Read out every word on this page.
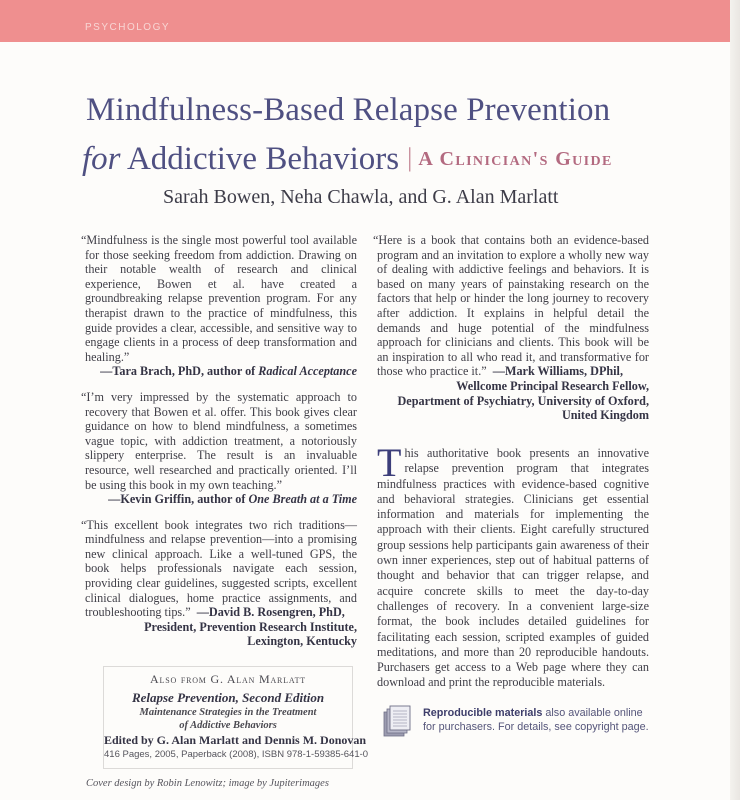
PSYCHOLOGY
Mindfulness-Based Relapse Prevention
for Addictive Behaviors | A Clinician's Guide
Sarah Bowen, Neha Chawla, and G. Alan Marlatt

“Mindfulness is the single most powerful tool available for those seeking freedom from addiction. Drawing on their notable wealth of research and clinical experience, Bowen et al. have created a groundbreaking relapse prevention program. For any therapist drawn to the practice of mindfulness, this guide provides a clear, accessible, and sensitive way to engage clients in a process of deep transformation and healing.”

—Tara Brach, PhD, author of Radical Acceptance

“I’m very impressed by the systematic approach to recovery that Bowen et al. offer. This book gives clear guidance on how to blend mindfulness, a sometimes vague topic, with addiction treatment, a notoriously slippery enterprise. The result is an invaluable resource, well researched and practically oriented. I’ll be using this book in my own teaching.”

—Kevin Griffin, author of One Breath at a Time

“This excellent book integrates two rich traditions—mindfulness and relapse prevention—into a promising new clinical approach. Like a well-tuned GPS, the book helps professionals navigate each session, providing clear guidelines, suggested scripts, excellent clinical dialogues, home practice assignments, and troubleshooting tips.” —David B. Rosengren, PhD,

President, Prevention Research Institute,

Lexington, Kentucky

“Here is a book that contains both an evidence-based program and an invitation to explore a wholly new way of dealing with addictive feelings and behaviors. It is based on many years of painstaking research on the factors that help or hinder the long journey to recovery after addiction. It explains in helpful detail the demands and huge potential of the mindfulness approach for clinicians and clients. This book will be an inspiration to all who read it, and transformative for those who practice it.” —Mark Williams, DPhil,

Wellcome Principal Research Fellow,

Department of Psychiatry, University of Oxford,

United Kingdom

This authoritative book presents an innovative relapse prevention program that integrates mindfulness practices with evidence-based cognitive and behavioral strategies. Clinicians get essential information and materials for implementing the approach with their clients. Eight carefully structured group sessions help participants gain awareness of their own inner experiences, step out of habitual patterns of thought and behavior that can trigger relapse, and acquire concrete skills to meet the day-to-day challenges of recovery. In a convenient large-size format, the book includes detailed guidelines for facilitating each session, scripted examples of guided meditations, and more than 20 reproducible handouts. Purchasers get access to a Web page where they can download and print the reproducible materials.
Also from G. Alan Marlatt
Relapse Prevention, Second Edition
Maintenance Strategies in the Treatment
of Addictive Behaviors
Edited by G. Alan Marlatt and Dennis M. Donovan
416 Pages, 2005, Paperback (2008), ISBN 978-1-59385-641-0
Cover design by Robin Lenowitz; image by Jupiterimages
Reproducible materials also available online
for purchasers. For details, see copyright page.
